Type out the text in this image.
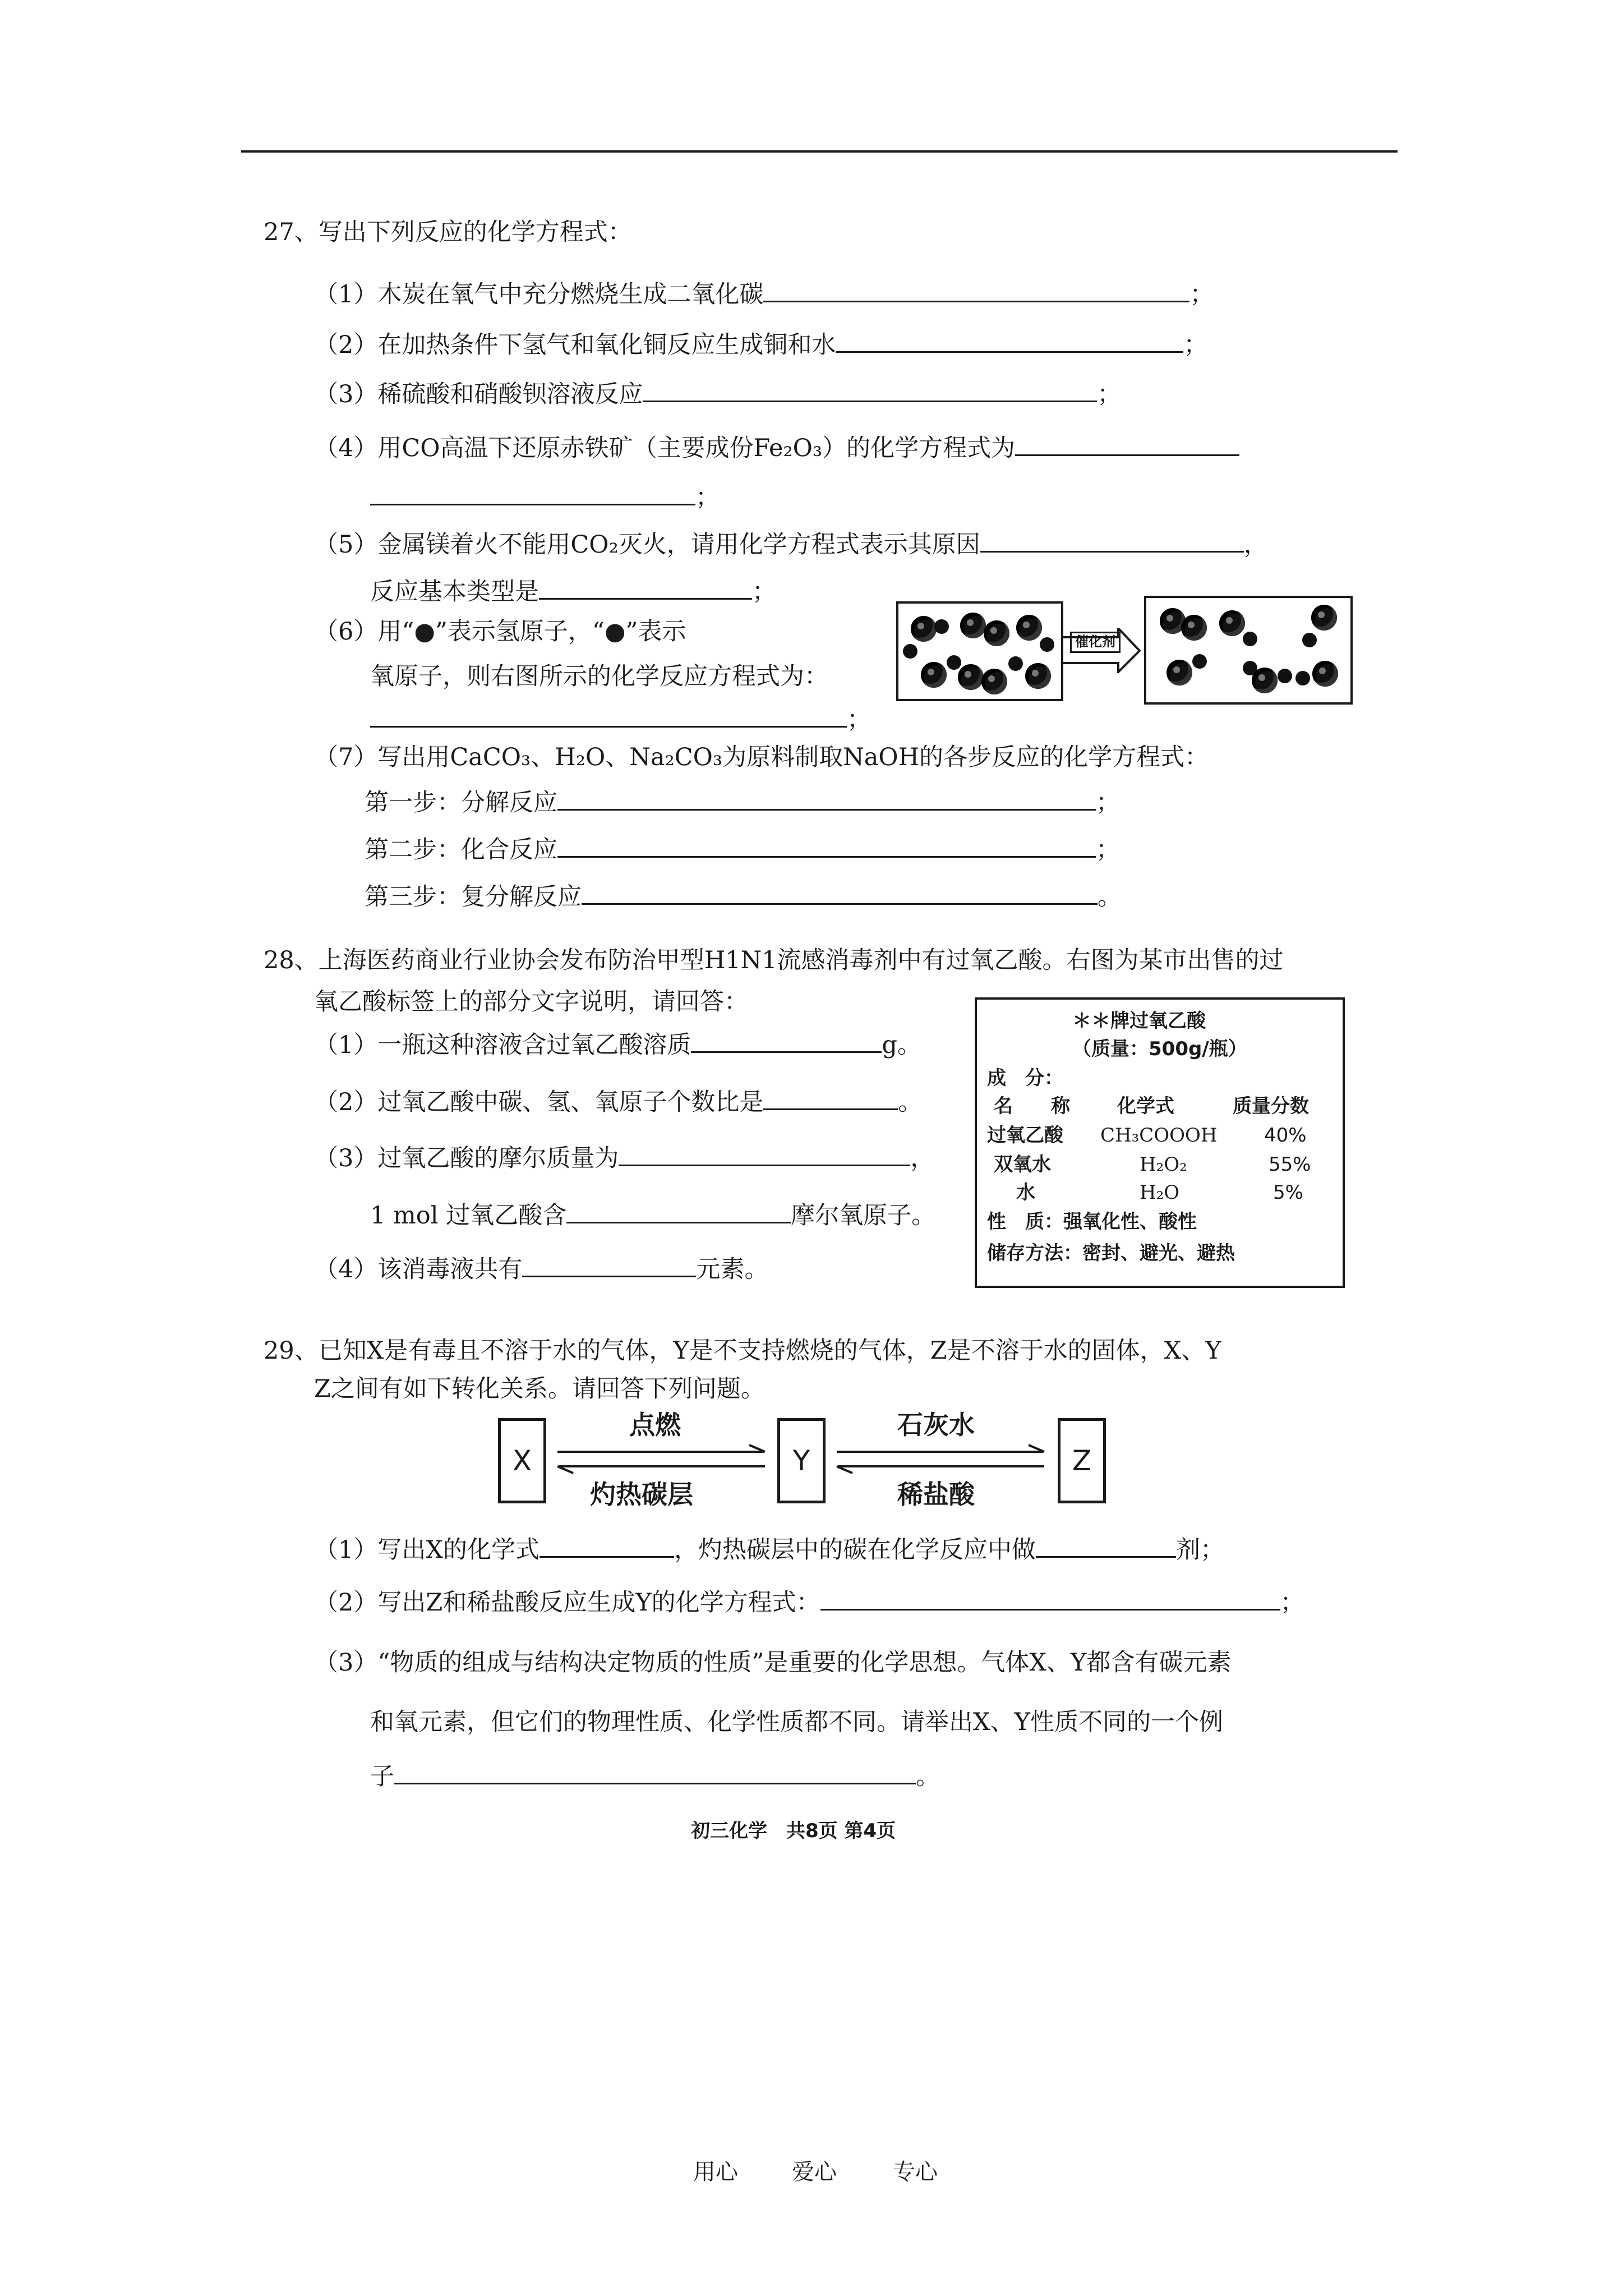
27、写出下列反应的化学方程式：
（1）木炭在氧气中充分燃烧生成二氧化碳	；
（2）在加热条件下氢气和氧化铜反应生成铜和水	；
（3）稀硫酸和硝酸钡溶液反应	；
（4）用CO高温下还原赤铁矿（主要成份Fe₂O₃）的化学方程式为
；
（5）金属镁着火不能用CO₂灭火，请用化学方程式表示其原因	，
反应基本类型是	；
（6）用“●”表示氢原子，“●”表示
氧原子，则右图所示的化学反应方程式为：
；
催化剂
（7）写出用CaCO₃、H₂O、Na₂CO₃为原料制取NaOH的各步反应的化学方程式：
第一步：分解反应	；
第二步：化合反应	；
第三步：复分解反应	。
28、上海医药商业行业协会发布防治甲型H1N1流感消毒剂中有过氧乙酸。右图为某市出售的过
氧乙酸标签上的部分文字说明，请回答：
（1）一瓶这种溶液含过氧乙酸溶质	g。
（2）过氧乙酸中碳、氢、氧原子个数比是	。
（3）过氧乙酸的摩尔质量为	，
1 mol 过氧乙酸含	摩尔氧原子。
（4）该消毒液共有	元素。
＊＊牌过氧乙酸
（质量：500g/瓶）
成　分：
名　　称 化学式	质量分数
过氧乙酸 CH₃COOOH 40%
双氧水	H₂O₂	55%
水	H₂O	5%
性　质：强氧化性、酸性
储存方法：密封、避光、避热
29、已知X是有毒且不溶于水的气体，Y是不支持燃烧的气体，Z是不溶于水的固体，X、Y
Z之间有如下转化关系。请回答下列问题。
X	Y	Z
点燃
灼热碳层
石灰水
稀盐酸
（1）写出X的化学式	，灼热碳层中的碳在化学反应中做	剂；
（2）写出Z和稀盐酸反应生成Y的化学方程式：	；
（3）“物质的组成与结构决定物质的性质”是重要的化学思想。气体X、Y都含有碳元素
和氧元素，但它们的物理性质、化学性质都不同。请举出X、Y性质不同的一个例
子	。
初三化学　共8页 第4页
用心 爱心	专心
